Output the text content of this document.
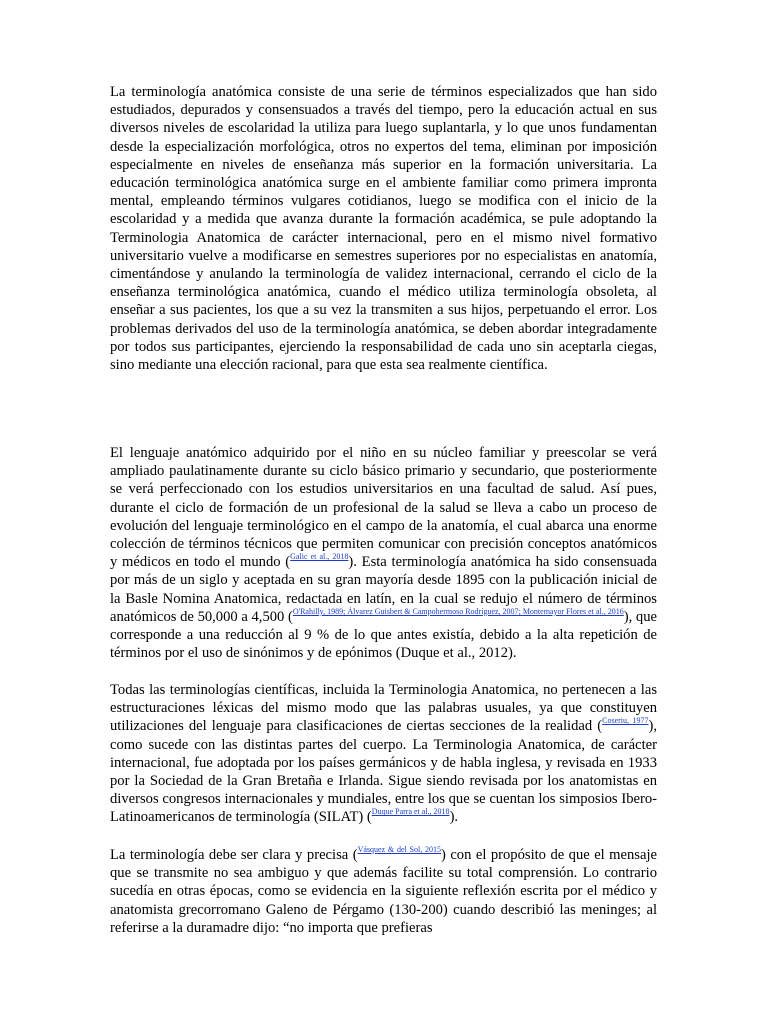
La terminología anatómica consiste de una serie de términos especializados que han sido estudiados, depurados y consensuados a través del tiempo, pero la educación actual en sus diversos niveles de escolaridad la utiliza para luego suplantarla, y lo que unos fundamentan desde la especialización morfológica, otros no expertos del tema, eliminan por imposición especialmente en niveles de enseñanza más superior en la formación universitaria. La educación terminológica anatómica surge en el ambiente familiar como primera impronta mental, empleando términos vulgares cotidianos, luego se modifica con el inicio de la escolaridad y a medida que avanza durante la formación académica, se pule adoptando la Terminologia Anatomica de carácter internacional, pero en el mismo nivel formativo universitario vuelve a modificarse en semestres superiores por no especialistas en anatomía, cimentándose y anulando la terminología de validez internacional, cerrando el ciclo de la enseñanza terminológica anatómica, cuando el médico utiliza terminología obsoleta, al enseñar a sus pacientes, los que a su vez la transmiten a sus hijos, perpetuando el error. Los problemas derivados del uso de la terminología anatómica, se deben abordar integradamente por todos sus participantes, ejerciendo la responsabilidad de cada uno sin aceptarla ciegas, sino mediante una elección racional, para que esta sea realmente científica.

El lenguaje anatómico adquirido por el niño en su núcleo familiar y preescolar se verá ampliado paulatinamente durante su ciclo básico primario y secundario, que posteriormente se verá perfeccionado con los estudios universitarios en una facultad de salud. Así pues, durante el ciclo de formación de un profesional de la salud se lleva a cabo un proceso de evolución del lenguaje terminológico en el campo de la anatomía, el cual abarca una enorme colección de términos técnicos que permiten comunicar con precisión conceptos anatómicos y médicos en todo el mundo ($^{Galic et al., 2018}$). Esta terminología anatómica ha sido consensuada por más de un siglo y aceptada en su gran mayoría desde 1895 con la publicación inicial de la Basle Nomina Anatomica, redactada en latín, en la cual se redujo el número de términos anatómicos de 50,000 a 4,500 ($^{O'Rahilly, 1989;}$ $^{Álvarez Guisbert \& Campohermoso Rodríguez, 2007;}$ $^{Montemayor Flores et al., 2016}$), que corresponde a una reducción al 9 % de lo que antes existía, debido a la alta repetición de términos por el uso de sinónimos y de epónimos (Duque et al., 2012).

Todas las terminologías científicas, incluida la Terminologia Anatomica, no pertenecen a las estructuraciones léxicas del mismo modo que las palabras usuales, ya que constituyen utilizaciones del lenguaje para clasificaciones de ciertas secciones de la realidad ($^{Coseriu, 1977}$), como sucede con las distintas partes del cuerpo. La Terminologia Anatomica, de carácter internacional, fue adoptada por los países germánicos y de habla inglesa, y revisada en 1933 por la Sociedad de la Gran Bretaña e Irlanda. Sigue siendo revisada por los anatomistas en diversos congresos internacionales y mundiales, entre los que se cuentan los simposios Ibero-Latinoamericanos de terminología (SILAT) ($^{Duque Parra et al., 2018}$).

La terminología debe ser clara y precisa ($^{Vásquez \& del Sol, 2015}$) con el propósito de que el mensaje que se transmite no sea ambiguo y que además facilite su total comprensión. Lo contrario sucedía en otras épocas, como se evidencia en la siguiente reflexión escrita por el médico y anatomista grecorromano Galeno de Pérgamo (130-200) cuando describió las meninges; al referirse a la duramadre dijo: “no importa que prefieras
